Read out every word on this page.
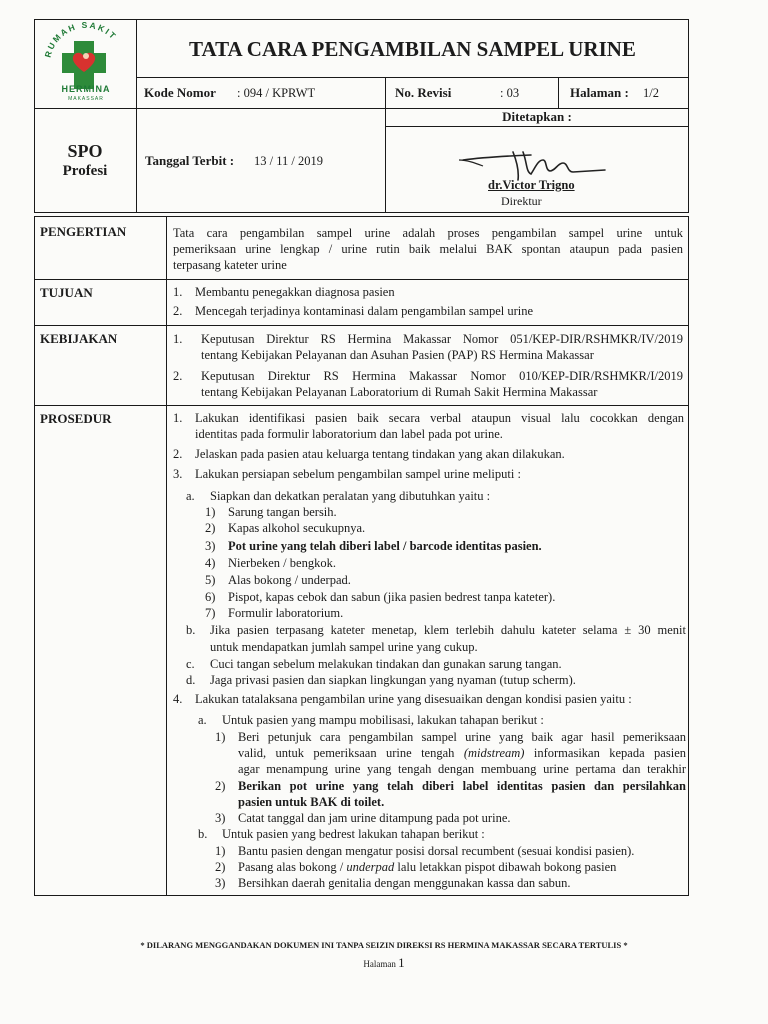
RUMAH SAKIT
HERMINA
MAKASSAR
TATA CARA PENGAMBILAN SAMPEL URINE
Kode Nomor : 094 / KPRWT	No. Revisi	: 03	Halaman : 1/2
SPO
Profesi
Tanggal Terbit : 13 / 11 / 2019
Ditetapkan :
dr.Victor Trigno
Direktur
PENGERTIAN	Tata cara pengambilan sampel urine adalah proses pengambilan sampel urine untuk
pemeriksaan urine lengkap / urine rutin baik melalui BAK spontan ataupun pada pasien
terpasang kateter urine
TUJUAN	1. Membantu penegakkan diagnosa pasien
2. Mencegah terjadinya kontaminasi dalam pengambilan sampel urine
KEBIJAKAN	1. Keputusan Direktur RS Hermina Makassar Nomor 051/KEP-DIR/RSHMKR/IV/2019
tentang Kebijakan Pelayanan dan Asuhan Pasien (PAP) RS Hermina Makassar
2. Keputusan Direktur RS Hermina Makassar Nomor 010/KEP-DIR/RSHMKR/I/2019
tentang Kebijakan Pelayanan Laboratorium di Rumah Sakit Hermina Makassar
PROSEDUR	1. Lakukan identifikasi pasien baik secara verbal ataupun visual lalu cocokkan dengan
identitas pada formulir laboratorium dan label pada pot urine.
2. Jelaskan pada pasien atau keluarga tentang tindakan yang akan dilakukan.
3. Lakukan persiapan sebelum pengambilan sampel urine meliputi :
a. Siapkan dan dekatkan peralatan yang dibutuhkan yaitu :
1) Sarung tangan bersih.
2) Kapas alkohol secukupnya.
3) Pot urine yang telah diberi label / barcode identitas pasien.
4) Nierbeken / bengkok.
5) Alas bokong / underpad.
6) Pispot, kapas cebok dan sabun (jika pasien bedrest tanpa kateter).
7) Formulir laboratorium.
b. Jika pasien terpasang kateter menetap, klem terlebih dahulu kateter selama ± 30 menit
untuk mendapatkan jumlah sampel urine yang cukup.
c. Cuci tangan sebelum melakukan tindakan dan gunakan sarung tangan.
d. Jaga privasi pasien dan siapkan lingkungan yang nyaman (tutup scherm).
4. Lakukan tatalaksana pengambilan urine yang disesuaikan dengan kondisi pasien yaitu :
a. Untuk pasien yang mampu mobilisasi, lakukan tahapan berikut :
1) Beri petunjuk cara pengambilan sampel urine yang baik agar hasil pemeriksaan
valid, untuk pemeriksaan urine tengah (midstream) informasikan kepada pasien
agar menampung urine yang tengah dengan membuang urine pertama dan terakhir
2) Berikan pot urine yang telah diberi label identitas pasien dan persilahkan
pasien untuk BAK di toilet.
3) Catat tanggal dan jam urine ditampung pada pot urine.
b. Untuk pasien yang bedrest lakukan tahapan berikut :
1) Bantu pasien dengan mengatur posisi dorsal recumbent (sesuai kondisi pasien).
2) Pasang alas bokong / underpad lalu letakkan pispot dibawah bokong pasien
3) Bersihkan daerah genitalia dengan menggunakan kassa dan sabun.
* DILARANG MENGGANDAKAN DOKUMEN INI TANPA SEIZIN DIREKSI RS HERMINA MAKASSAR SECARA TERTULIS *
Halaman 1
